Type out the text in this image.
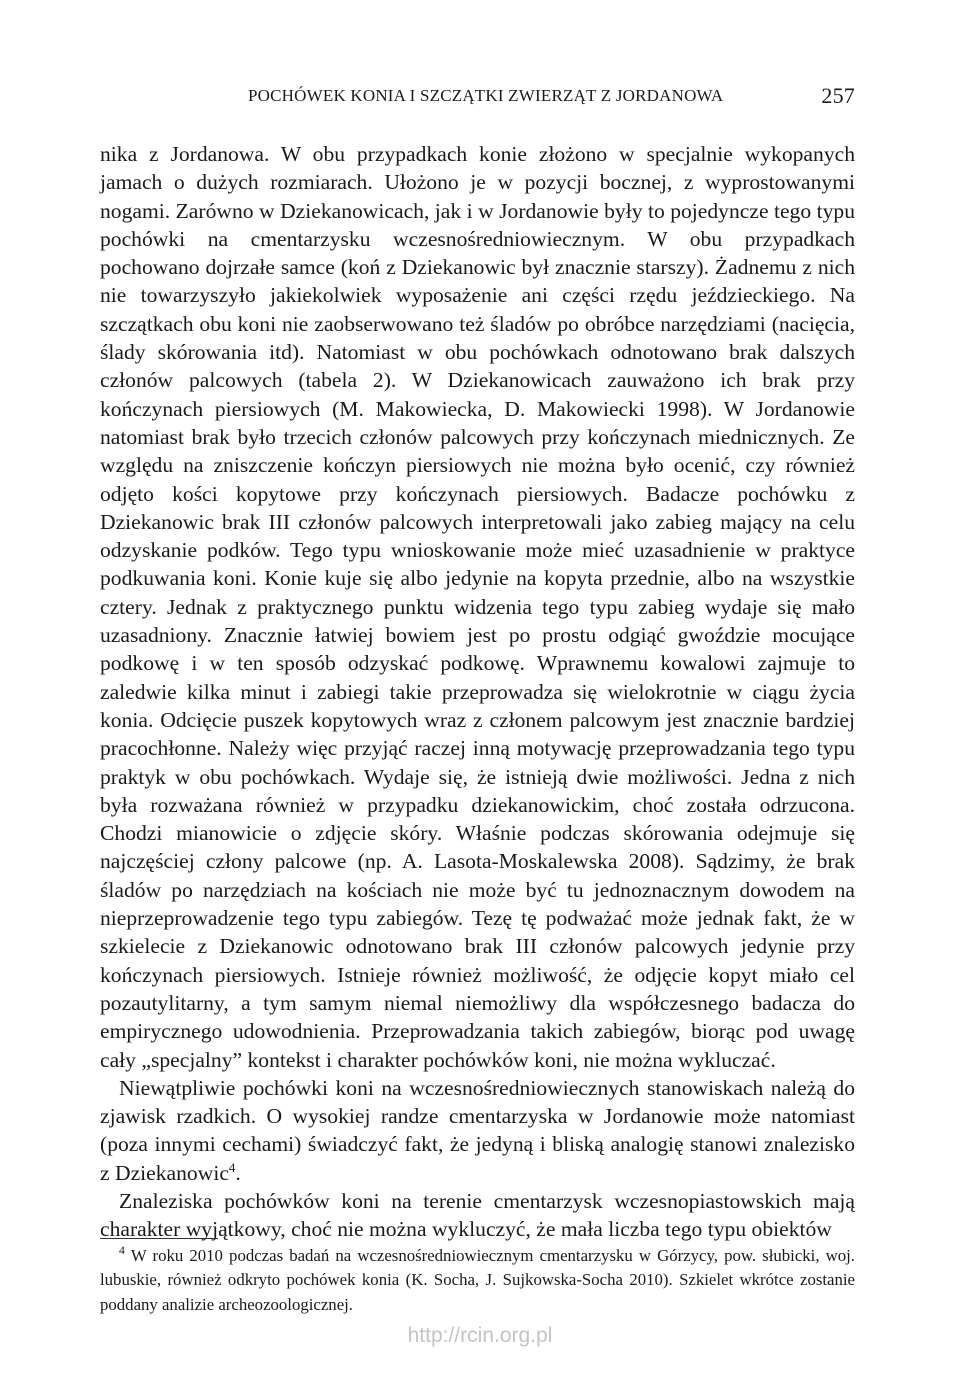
POCHÓWEK KONIA I SZCZĄTKI ZWIERZĄT Z JORDANOWA	257

nika z Jordanowa. W obu przypadkach konie złożono w specjalnie wykopanych jamach o dużych rozmiarach. Ułożono je w pozycji bocznej, z wyprostowanymi nogami. Zarówno w Dziekanowicach, jak i w Jordanowie były to pojedyncze tego typu pochówki na cmentarzysku wczesnośredniowiecznym. W obu przypadkach pochowano dojrzałe samce (koń z Dziekanowic był znacznie starszy). Żadnemu z nich nie towarzyszyło jakiekolwiek wyposażenie ani części rzędu jeździeckiego. Na szczątkach obu koni nie zaobserwowano też śladów po obróbce narzędziami (nacięcia, ślady skórowania itd). Natomiast w obu pochówkach odnotowano brak dalszych członów palcowych (tabela 2). W Dziekanowicach zauważono ich brak przy kończynach piersiowych (M. Makowiecka, D. Makowiecki 1998). W Jordanowie natomiast brak było trzecich członów palcowych przy kończynach miednicznych. Ze względu na zniszczenie kończyn piersiowych nie można było ocenić, czy również odjęto kości kopytowe przy kończynach piersiowych. Badacze pochówku z Dziekanowic brak III członów palcowych interpretowali jako zabieg mający na celu odzyskanie podków. Tego typu wnioskowanie może mieć uzasadnienie w praktyce podkuwania koni. Konie kuje się albo jedynie na kopyta przednie, albo na wszystkie cztery. Jednak z praktycznego punktu widzenia tego typu zabieg wydaje się mało uzasadniony. Znacznie łatwiej bowiem jest po prostu odgiąć gwoździe mocujące podkowę i w ten sposób odzyskać podkowę. Wprawnemu kowalowi zajmuje to zaledwie kilka minut i zabiegi takie przeprowadza się wielokrotnie w ciągu życia konia. Odcięcie puszek kopytowych wraz z członem palcowym jest znacznie bardziej pracochłonne. Należy więc przyjąć raczej inną motywację przeprowadzania tego typu praktyk w obu pochówkach. Wydaje się, że istnieją dwie możliwości. Jedna z nich była rozważana również w przypadku dziekanowickim, choć została odrzucona. Chodzi mianowicie o zdjęcie skóry. Właśnie podczas skórowania odejmuje się najczęściej człony palcowe (np. A. Lasota-Moskalewska 2008). Sądzimy, że brak śladów po narzędziach na kościach nie może być tu jednoznacznym dowodem na nieprzeprowadzenie tego typu zabiegów. Tezę tę podważać może jednak fakt, że w szkielecie z Dziekanowic odnotowano brak III członów palcowych jedynie przy kończynach piersiowych. Istnieje również możliwość, że odjęcie kopyt miało cel pozautylitarny, a tym samym niemal niemożliwy dla współczesnego badacza do empirycznego udowodnienia. Przeprowadzania takich zabiegów, biorąc pod uwagę cały „specjalny” kontekst i charakter pochówków koni, nie można wykluczać.

Niewątpliwie pochówki koni na wczesnośredniowiecznych stanowiskach należą do zjawisk rzadkich. O wysokiej randze cmentarzyska w Jordanowie może natomiast (poza innymi cechami) świadczyć fakt, że jedyną i bliską analogię stanowi znalezisko z Dziekanowic$^4$.

Znaleziska pochówków koni na terenie cmentarzysk wczesnopiastowskich mają charakter wyjątkowy, choć nie można wykluczyć, że mała liczba tego typu obiektów

$^4$ W roku 2010 podczas badań na wczesnośredniowiecznym cmentarzysku w Górzycy, pow. słubicki, woj. lubuskie, również odkryto pochówek konia (K. Socha, J. Sujkowska-Socha 2010). Szkielet wkrótce zostanie poddany analizie archeozoologicznej.

http://rcin.org.pl
